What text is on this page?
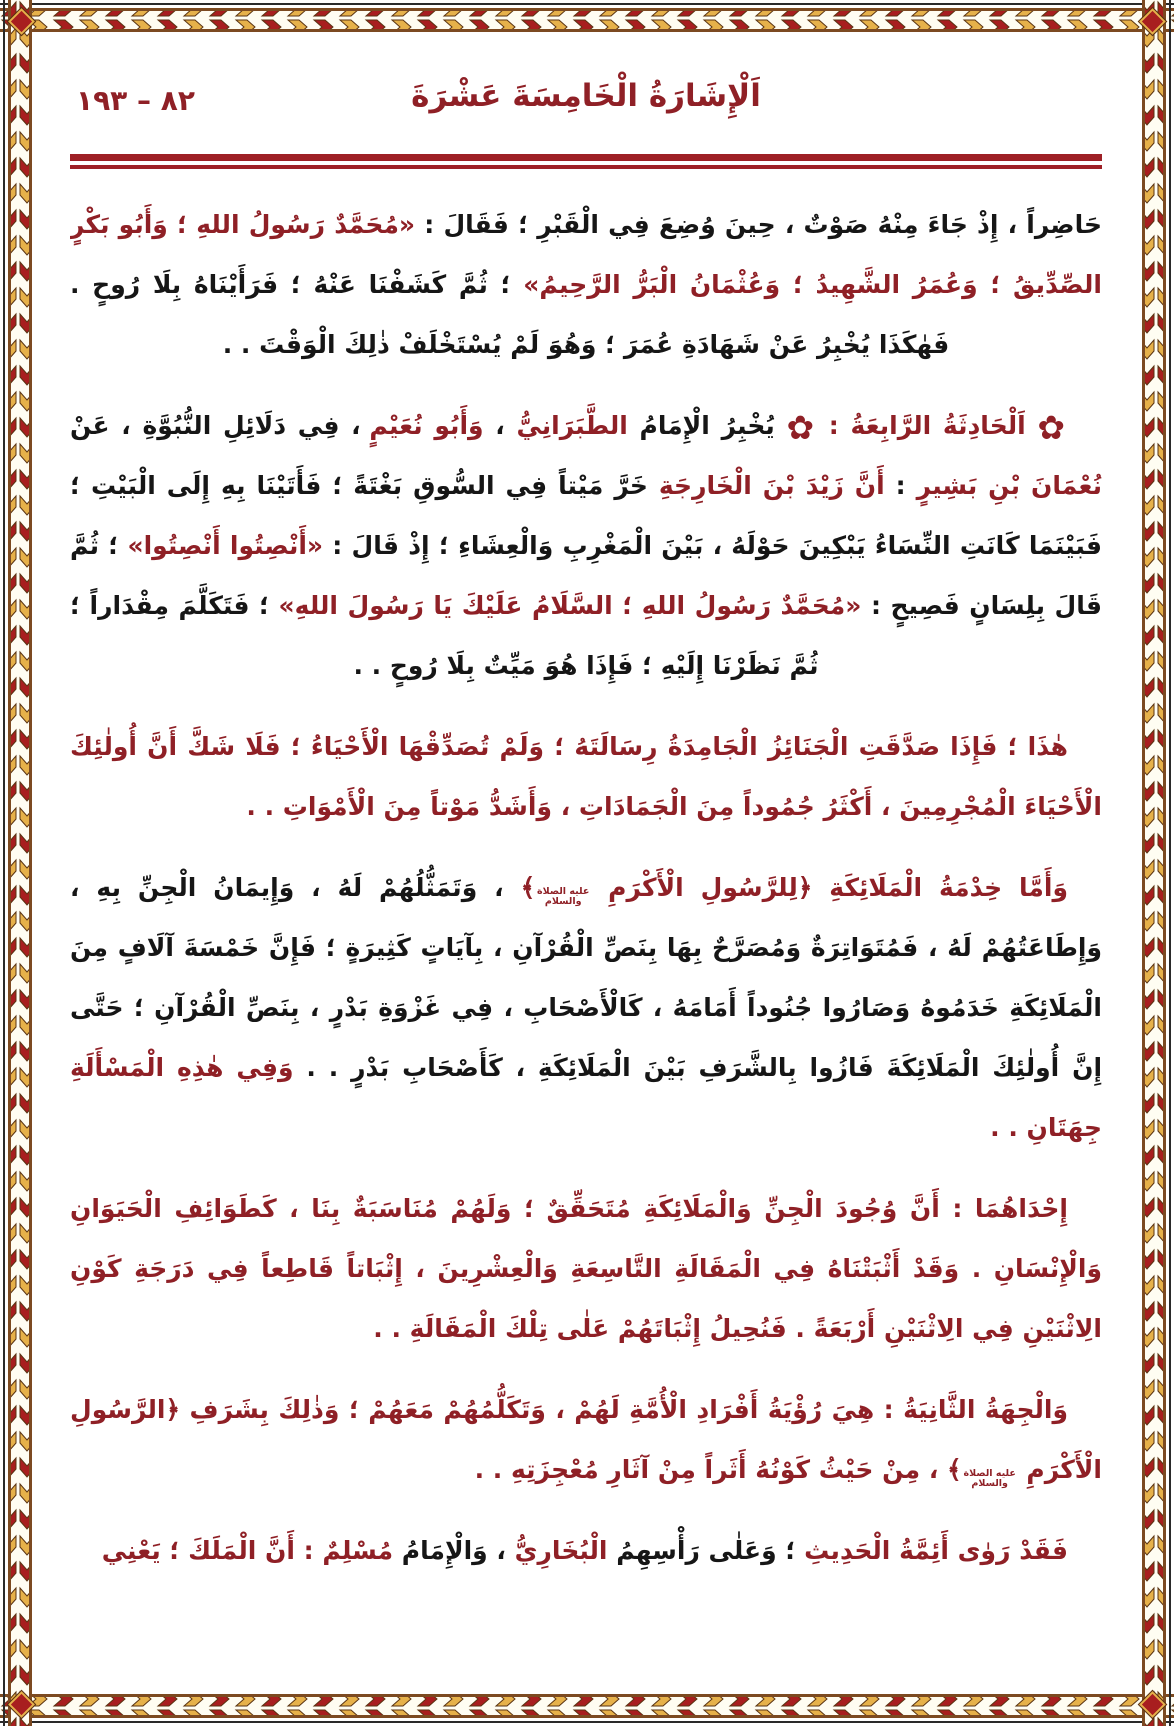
٨٢ – ١٩٣	اَلْإِشَارَةُ الْخَامِسَةَ عَشْرَةَ

حَاضِراً ، إِذْ جَاءَ مِنْهُ صَوْتٌ ، حِينَ وُضِعَ فِي الْقَبْرِ ؛ فَقَالَ : «مُحَمَّدٌ رَسُولُ اللهِ ؛ وَأَبُو بَكْرٍ الصِّدِّيقُ ؛ وَعُمَرُ الشَّهِيدُ ؛ وَعُثْمَانُ الْبَرُّ الرَّحِيمُ» ؛ ثُمَّ كَشَفْنَا عَنْهُ ؛ فَرَأَيْنَاهُ بِلَا رُوحٍ . فَهٰكَذَا يُخْبِرُ عَنْ شَهَادَةِ عُمَرَ ؛ وَهُوَ لَمْ يُسْتَخْلَفْ ذٰلِكَ الْوَقْتَ . .

✿ اَلْحَادِثَةُ الرَّابِعَةُ : ✿ يُخْبِرُ الْإِمَامُ الطَّبَرَانِيُّ ، وَأَبُو نُعَيْمٍ ، فِي دَلَائِلِ النُّبُوَّةِ ، عَنْ نُعْمَانَ بْنِ بَشِيرٍ : أَنَّ زَيْدَ بْنَ الْخَارِجَةِ خَرَّ مَيْتاً فِي السُّوقِ بَغْتَةً ؛ فَأَتَيْنَا بِهِ إِلَى الْبَيْتِ ؛ فَبَيْنَمَا كَانَتِ النِّسَاءُ يَبْكِينَ حَوْلَهُ ، بَيْنَ الْمَغْرِبِ وَالْعِشَاءِ ؛ إِذْ قَالَ : «أَنْصِتُوا أَنْصِتُوا» ؛ ثُمَّ قَالَ بِلِسَانٍ فَصِيحٍ : «مُحَمَّدٌ رَسُولُ اللهِ ؛ السَّلَامُ عَلَيْكَ يَا رَسُولَ اللهِ» ؛ فَتَكَلَّمَ مِقْدَاراً ؛ ثُمَّ نَظَرْنَا إِلَيْهِ ؛ فَإِذَا هُوَ مَيِّتٌ بِلَا رُوحٍ . .

هٰذَا ؛ فَإِذَا صَدَّقَتِ الْجَنَائِزُ الْجَامِدَةُ رِسَالَتَهُ ؛ وَلَمْ تُصَدِّقْهَا الْأَحْيَاءُ ؛ فَلَا شَكَّ أَنَّ أُولٰئِكَ الْأَحْيَاءَ الْمُجْرِمِينَ ، أَكْثَرُ جُمُوداً مِنَ الْجَمَادَاتِ ، وَأَشَدُّ مَوْتاً مِنَ الْأَمْوَاتِ . .

وَأَمَّا خِدْمَةُ الْمَلَائِكَةِ ﴿لِلرَّسُولِ الْأَكْرَمِ عليه الصلاة والسلام﴾ ، وَتَمَثُّلُهُمْ لَهُ ، وَإِيمَانُ الْجِنِّ بِهِ ، وَإِطَاعَتُهُمْ لَهُ ، فَمُتَوَاتِرَةٌ وَمُصَرَّحٌ بِهَا بِنَصِّ الْقُرْآنِ ، بِآيَاتٍ كَثِيرَةٍ ؛ فَإِنَّ خَمْسَةَ آلَافٍ مِنَ الْمَلَائِكَةِ خَدَمُوهُ وَصَارُوا جُنُوداً أَمَامَهُ ، كَالْأَصْحَابِ ، فِي غَزْوَةِ بَدْرٍ ، بِنَصِّ الْقُرْآنِ ؛ حَتَّى إِنَّ أُولٰئِكَ الْمَلَائِكَةَ فَازُوا بِالشَّرَفِ بَيْنَ الْمَلَائِكَةِ ، كَأَصْحَابِ بَدْرٍ . . وَفِي هٰذِهِ الْمَسْأَلَةِ جِهَتَانِ . .

إِحْدَاهُمَا : أَنَّ وُجُودَ الْجِنِّ وَالْمَلَائِكَةِ مُتَحَقِّقٌ ؛ وَلَهُمْ مُنَاسَبَةٌ بِنَا ، كَطَوَائِفِ الْحَيَوَانِ وَالْإِنْسَانِ . وَقَدْ أَثْبَتْنَاهُ فِي الْمَقَالَةِ التَّاسِعَةِ وَالْعِشْرِينَ ، إِثْبَاتاً قَاطِعاً فِي دَرَجَةِ كَوْنِ الِاثْنَيْنِ فِي الِاثْنَيْنِ أَرْبَعَةً . فَنُحِيلُ إِثْبَاتَهُمْ عَلٰى تِلْكَ الْمَقَالَةِ . .

وَالْجِهَةُ الثَّانِيَةُ : هِيَ رُؤْيَةُ أَفْرَادِ الْأُمَّةِ لَهُمْ ، وَتَكَلُّمُهُمْ مَعَهُمْ ؛ وَذٰلِكَ بِشَرَفِ ﴿الرَّسُولِ الْأَكْرَمِ عليه الصلاة والسلام﴾ ، مِنْ حَيْثُ كَوْنُهُ أَثَراً مِنْ آثَارِ مُعْجِزَتِهِ . .

فَقَدْ رَوٰى أَئِمَّةُ الْحَدِيثِ ؛ وَعَلٰى رَأْسِهِمُ الْبُخَارِيُّ ، وَالْإِمَامُ مُسْلِمٌ : أَنَّ الْمَلَكَ ؛ يَعْنِي
